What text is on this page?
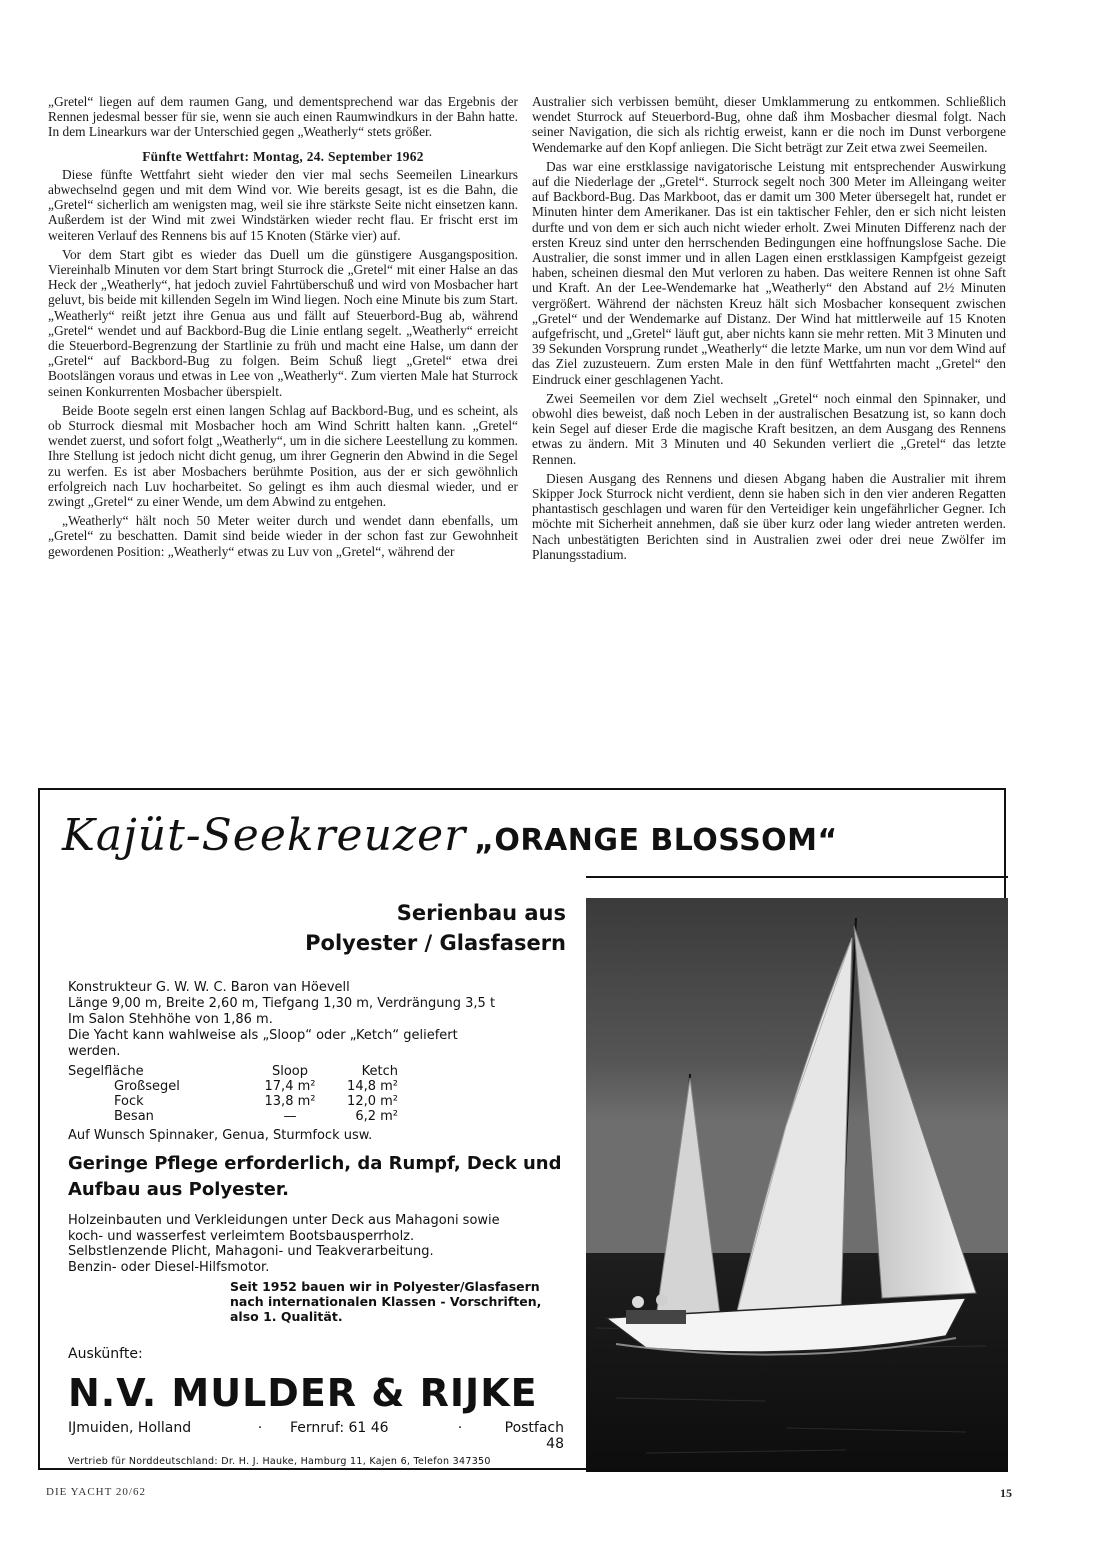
„Gretel“ liegen auf dem raumen Gang, und dementsprechend war das Ergebnis der Rennen jedesmal besser für sie, wenn sie auch einen Raumwindkurs in der Bahn hatte. In dem Linearkurs war der Unterschied gegen „Weatherly“ stets größer.

Fünfte Wettfahrt: Montag, 24. September 1962

Diese fünfte Wettfahrt sieht wieder den vier mal sechs Seemeilen Linearkurs abwechselnd gegen und mit dem Wind vor. Wie bereits gesagt, ist es die Bahn, die „Gretel“ sicherlich am wenigsten mag, weil sie ihre stärkste Seite nicht einsetzen kann. Außerdem ist der Wind mit zwei Windstärken wieder recht flau. Er frischt erst im weiteren Verlauf des Rennens bis auf 15 Knoten (Stärke vier) auf.

Vor dem Start gibt es wieder das Duell um die günstigere Ausgangsposition. Viereinhalb Minuten vor dem Start bringt Sturrock die „Gretel“ mit einer Halse an das Heck der „Weatherly“, hat jedoch zuviel Fahrtüberschuß und wird von Mosbacher hart geluvt, bis beide mit killenden Segeln im Wind liegen. Noch eine Minute bis zum Start. „Weatherly“ reißt jetzt ihre Genua aus und fällt auf Steuerbord-Bug ab, während „Gretel“ wendet und auf Backbord-Bug die Linie entlang segelt. „Weatherly“ erreicht die Steuerbord-Begrenzung der Startlinie zu früh und macht eine Halse, um dann der „Gretel“ auf Backbord-Bug zu folgen. Beim Schuß liegt „Gretel“ etwa drei Bootslängen voraus und etwas in Lee von „Weatherly“. Zum vierten Male hat Sturrock seinen Konkurrenten Mosbacher überspielt.

Beide Boote segeln erst einen langen Schlag auf Backbord-Bug, und es scheint, als ob Sturrock diesmal mit Mosbacher hoch am Wind Schritt halten kann. „Gretel“ wendet zuerst, und sofort folgt „Weatherly“, um in die sichere Leestellung zu kommen. Ihre Stellung ist jedoch nicht dicht genug, um ihrer Gegnerin den Abwind in die Segel zu werfen. Es ist aber Mosbachers berühmte Position, aus der er sich gewöhnlich erfolgreich nach Luv hocharbeitet. So gelingt es ihm auch diesmal wieder, und er zwingt „Gretel“ zu einer Wende, um dem Abwind zu entgehen.

„Weatherly“ hält noch 50 Meter weiter durch und wendet dann ebenfalls, um „Gretel“ zu beschatten. Damit sind beide wieder in der schon fast zur Gewohnheit gewordenen Position: „Weatherly“ etwas zu Luv von „Gretel“, während der

Australier sich verbissen bemüht, dieser Umklammerung zu entkommen. Schließlich wendet Sturrock auf Steuerbord-Bug, ohne daß ihm Mosbacher diesmal folgt. Nach seiner Navigation, die sich als richtig erweist, kann er die noch im Dunst verborgene Wendemarke auf den Kopf anliegen. Die Sicht beträgt zur Zeit etwa zwei Seemeilen.

Das war eine erstklassige navigatorische Leistung mit entsprechender Auswirkung auf die Niederlage der „Gretel“. Sturrock segelt noch 300 Meter im Alleingang weiter auf Backbord-Bug. Das Markboot, das er damit um 300 Meter übersegelt hat, rundet er Minuten hinter dem Amerikaner. Das ist ein taktischer Fehler, den er sich nicht leisten durfte und von dem er sich auch nicht wieder erholt. Zwei Minuten Differenz nach der ersten Kreuz sind unter den herrschenden Bedingungen eine hoffnungslose Sache. Die Australier, die sonst immer und in allen Lagen einen erstklassigen Kampfgeist gezeigt haben, scheinen diesmal den Mut verloren zu haben. Das weitere Rennen ist ohne Saft und Kraft. An der Lee-Wendemarke hat „Weatherly“ den Abstand auf 2½ Minuten vergrößert. Während der nächsten Kreuz hält sich Mosbacher konsequent zwischen „Gretel“ und der Wendemarke auf Distanz. Der Wind hat mittlerweile auf 15 Knoten aufgefrischt, und „Gretel“ läuft gut, aber nichts kann sie mehr retten. Mit 3 Minuten und 39 Sekunden Vorsprung rundet „Weatherly“ die letzte Marke, um nun vor dem Wind auf das Ziel zuzusteuern. Zum ersten Male in den fünf Wettfahrten macht „Gretel“ den Eindruck einer geschlagenen Yacht.

Zwei Seemeilen vor dem Ziel wechselt „Gretel“ noch einmal den Spinnaker, und obwohl dies beweist, daß noch Leben in der australischen Besatzung ist, so kann doch kein Segel auf dieser Erde die magische Kraft besitzen, an dem Ausgang des Rennens etwas zu ändern. Mit 3 Minuten und 40 Sekunden verliert die „Gretel“ das letzte Rennen.

Diesen Ausgang des Rennens und diesen Abgang haben die Australier mit ihrem Skipper Jock Sturrock nicht verdient, denn sie haben sich in den vier anderen Regatten phantastisch geschlagen und waren für den Verteidiger kein ungefährlicher Gegner. Ich möchte mit Sicherheit annehmen, daß sie über kurz oder lang wieder antreten werden. Nach unbestätigten Berichten sind in Australien zwei oder drei neue Zwölfer im Planungsstadium.

Kajüt-Seekreuzer „ORANGE BLOSSOM“
Serienbau aus
Polyester / Glasfasern
Konstrukteur G. W. W. C. Baron van Höevell
Länge 9,00 m, Breite 2,60 m, Tiefgang 1,30 m, Verdrängung 3,5 t
Im Salon Stehhöhe von 1,86 m.
Die Yacht kann wahlweise als „Sloop“ oder „Ketch“ geliefert
werden.
Segelfläche	Sloop	Ketch
Großsegel	17,4 m²	14,8 m²
Fock	13,8 m²	12,0 m²
Besan	—	6,2 m²
Auf Wunsch Spinnaker, Genua, Sturmfock usw.
Geringe Pflege erforderlich, da Rumpf, Deck und
Aufbau aus Polyester.
Holzeinbauten und Verkleidungen unter Deck aus Mahagoni sowie
koch- und wasserfest verleimtem Bootsbausperrholz.
Selbstlenzende Plicht, Mahagoni- und Teakverarbeitung.
Benzin- oder Diesel-Hilfsmotor.
Seit 1952 bauen wir in Polyester/Glasfasern
nach internationalen Klassen - Vorschriften,
also 1. Qualität.
Auskünfte:
N.V. MULDER & RIJKE
IJmuiden, Holland	·	Fernruf: 61 46	·	Postfach 48
Vertrieb für Norddeutschland: Dr. H. J. Hauke, Hamburg 11, Kajen 6, Telefon 347350
DIE YACHT 20/62	15
